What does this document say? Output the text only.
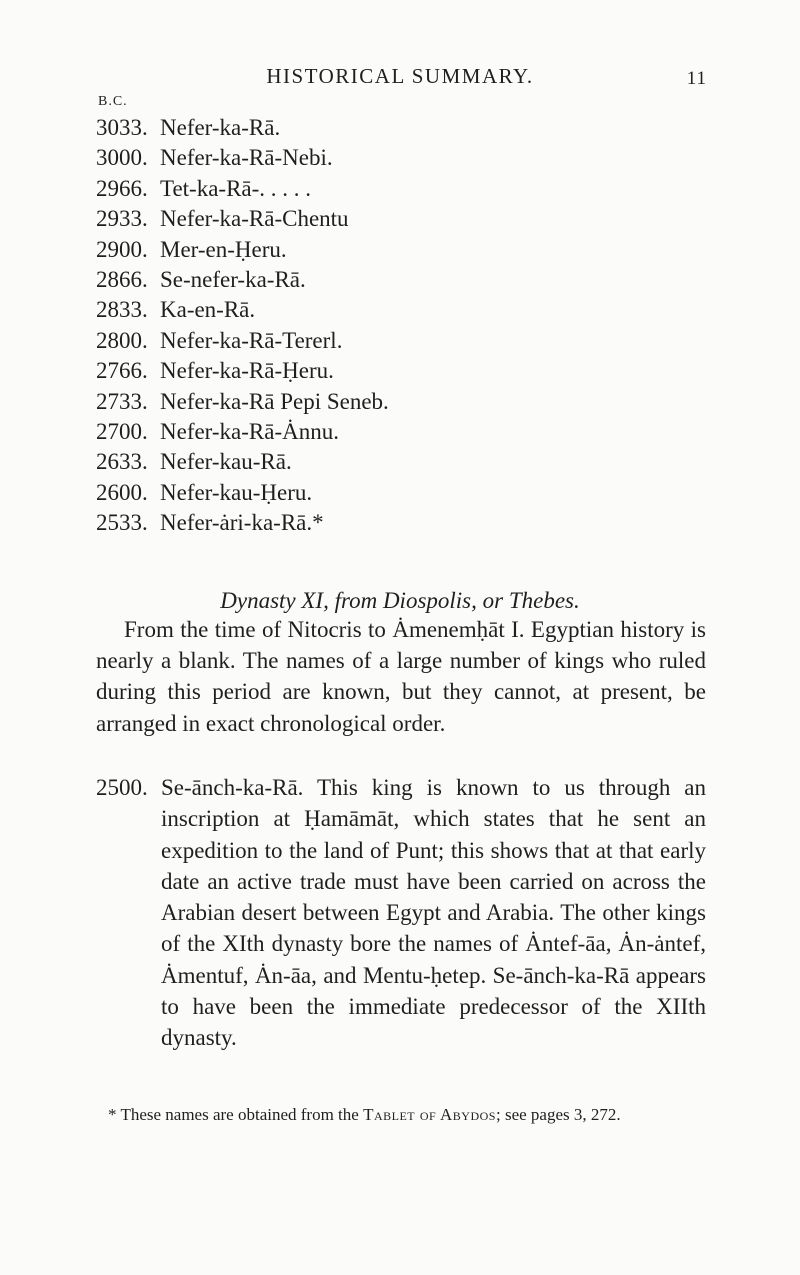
HISTORICAL SUMMARY.	11
B.C.
3033. Nefer-ka-Rā.
3000. Nefer-ka-Rā-Nebi.
2966. Tet-ka-Rā-. . . . .
2933. Nefer-ka-Rā-Chentu
2900. Mer-en-Ḥeru.
2866. Se-nefer-ka-Rā.
2833. Ka-en-Rā.
2800. Nefer-ka-Rā-Tererl.
2766. Nefer-ka-Rā-Ḥeru.
2733. Nefer-ka-Rā Pepi Seneb.
2700. Nefer-ka-Rā-Ȧnnu.
2633. Nefer-kau-Rā.
2600. Nefer-kau-Ḥeru.
2533. Nefer-ȧri-ka-Rā.*
Dynasty XI, from Diospolis, or Thebes.

From the time of Nitocris to Ȧmenemḥāt I. Egyptian history is nearly a blank. The names of a large number of kings who ruled during this period are known, but they cannot, at present, be arranged in exact chronological order.

2500. Se-ānch-ka-Rā. This king is known to us through an inscription at Ḥamāmāt, which states that he sent an expedition to the land of Punt; this shows that at that early date an active trade must have been carried on across the Arabian desert between Egypt and Arabia. The other kings of the XIth dynasty bore the names of Ȧntef-āa, Ȧn-ȧntef, Ȧmentuf, Ȧn-āa, and Mentu-ḥetep. Se-ānch-ka-Rā appears to have been the immediate predecessor of the XIIth dynasty.

* These names are obtained from the Tablet of Abydos; see pages 3, 272.
